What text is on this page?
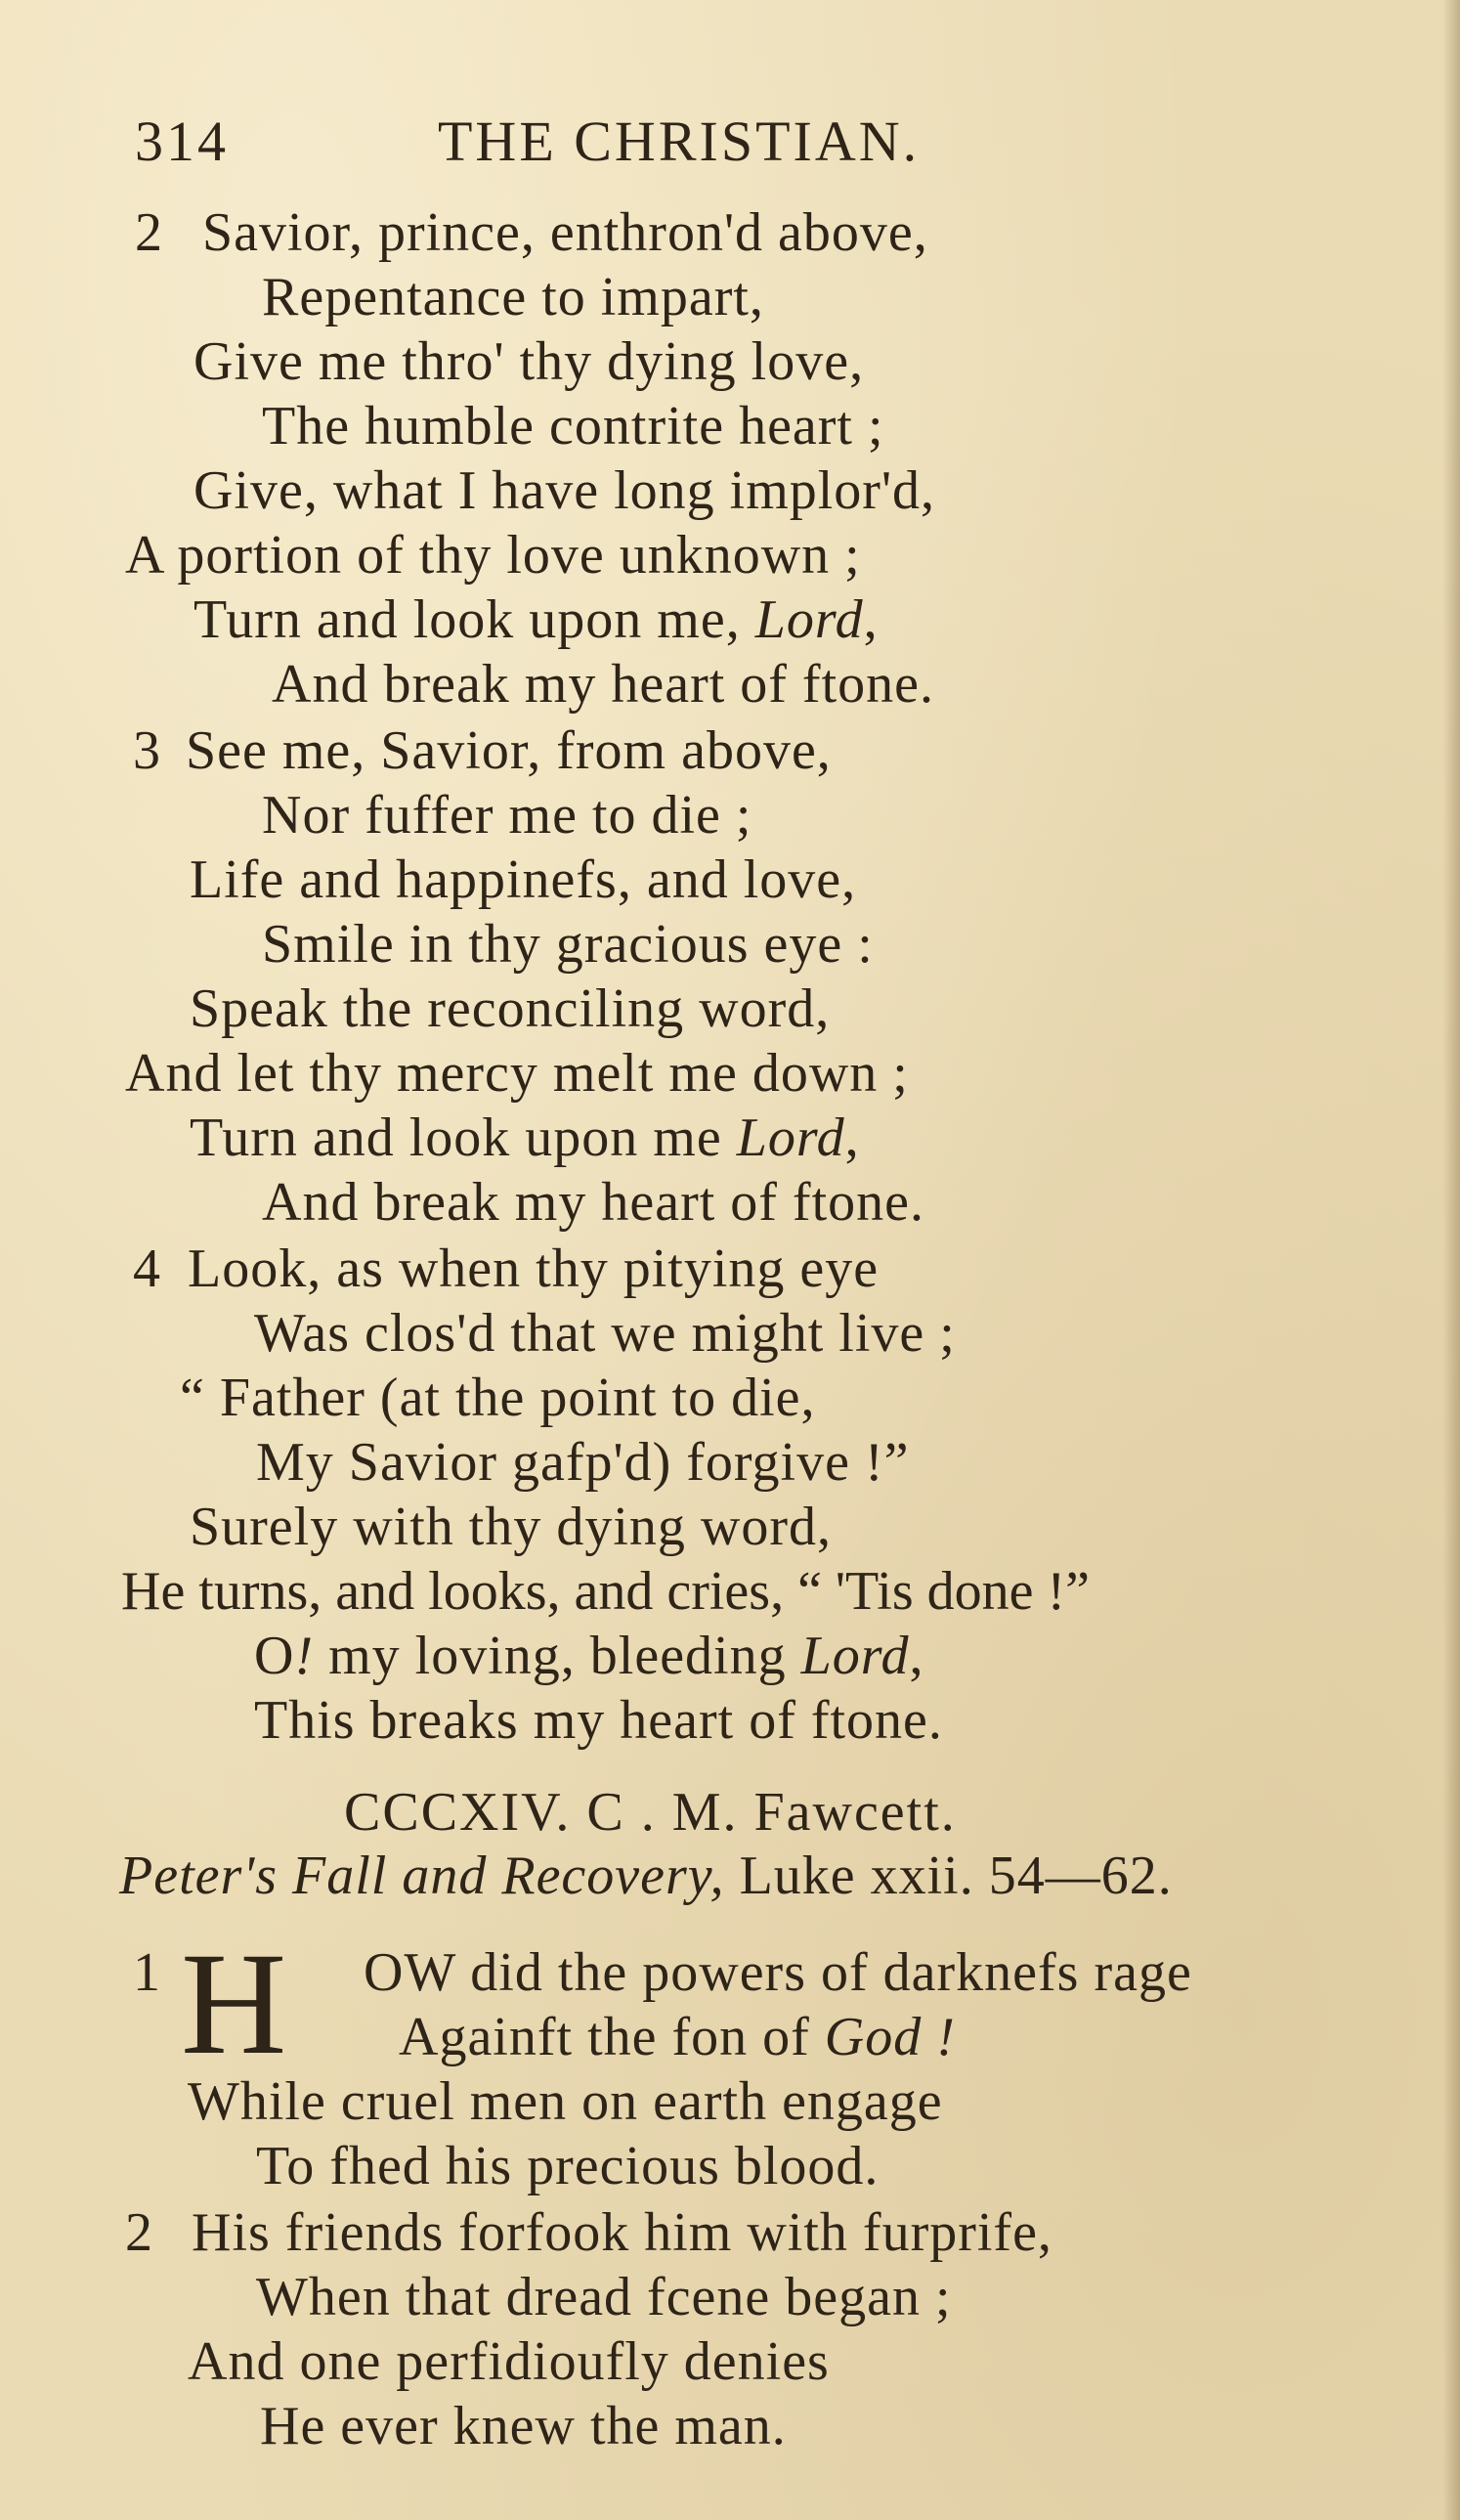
314	THE CHRISTIAN.
2 Savior, prince, enthron'd above,
Repentance to impart,
Give me thro' thy dying love,
The humble contrite heart ;
Give, what I have long implor'd,
A portion of thy love unknown ;
Turn and look upon me, Lord,
And break my heart of ftone.
3 See me, Savior, from above,
Nor fuffer me to die ;
Life and happinefs, and love,
Smile in thy gracious eye :
Speak the reconciling word,
And let thy mercy melt me down ;
Turn and look upon me Lord,
And break my heart of ftone.
4 Look, as when thy pitying eye
Was clos'd that we might live ;
“ Father (at the point to die,
My Savior gafp'd) forgive !”
Surely with thy dying word,
He turns, and looks, and cries, “ 'Tis done !”
O! my loving, bleeding Lord,
This breaks my heart of ftone.
CCCXIV. C . M. Fawcett.
Peter's Fall and Recovery, Luke xxii. 54—62.
1 H OW did the powers of darknefs rage
Againft the fon of God !
While cruel men on earth engage
To fhed his precious blood.
2 His friends forfook him with furprife,
When that dread fcene began ;
And one perfidioufly denies
He ever knew the man.
